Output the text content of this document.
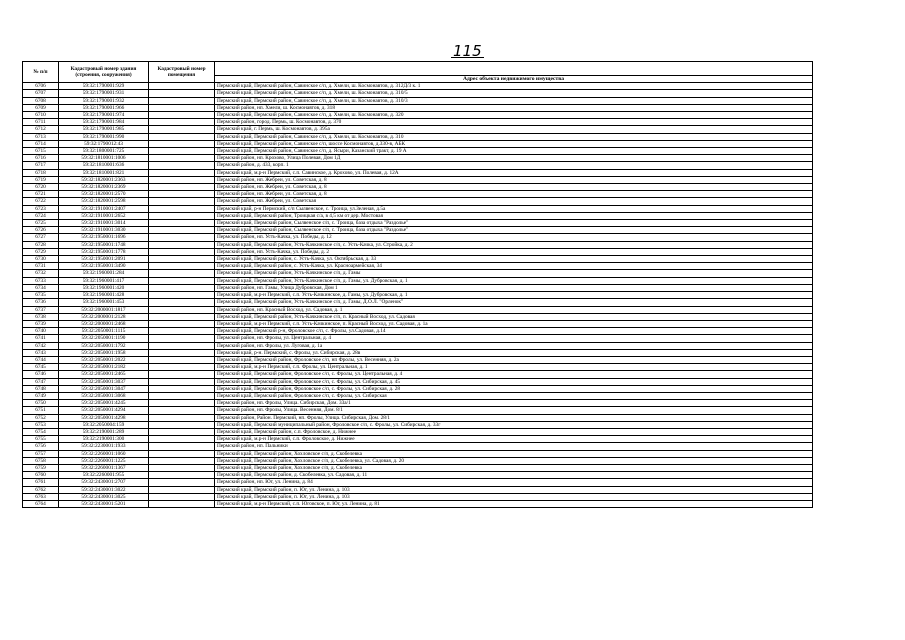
115
№ п/п	Кадастровый номер здания (строения, сооружения)	Кадастровый номер помещения	
			Адрес объекта недвижимого имущества
6706	59:32:1790001:929		Пермский край, Пермский район, Савинское с/п, д. Хмели, ш. Космонавтов, д. 312Д/3 к. 1
6707	59:32:1790001:931		Пермский край, Пермский район, Савинское с/п, д. Хмели, ш. Космонавтов, д. 310/5
6708	59:32:1790001:932		Пермский край, Пермский район, Савинское с/п, д. Хмели, ш. Космонавтов, д. 310/3
6709	59:32:1790001:966		Пермский район, нп. Хмели, ш. Космонавтов, д. 318
6710	59:32:1790001:974		Пермский край, Пермский район, Савинское с/п, д. Хмели, ш. Космонавтов, д. 320
6711	59:32:1790001:984		Пермский район, город. Пермь, ш. Космонавтов, д. 370
6712	59:32:1790001:985		Пермский край, г. Пермь, ш. Космонавтов, д. 395а
6713	59:32:1790001:990		Пермский край, Пермский район, Савинское с/п, д. Хмели, ш. Космонавтов, д. 310
6714	59:32:1790012:43		Пермский край, Пермский район, Савинское с/п, шоссе Космонавтов, д.330-в, АБК
6715	59:32:1800001:725		Пермский край, Пермский район, Савинское с/п, д. Ясыри, Казанский тракт, д. 19 А
6716	59:32:1810001:1006		Пермский район, нп. Крохово, Улица Полевая, Дом 1Д
6717	59:32:1810001:636		Пермский район, д. 433, корп. 1
6718	59:32:1810001:821		Пермский край, м.р-н Пермский, с.п. Савинское, д. Крохово, ул. Полевая, д. 12А
6719	59:32:1820001:2363		Пермский район, нп. Жебреи, ул. Советская, д. 8
6720	59:32:1820001:2369		Пермский район, нп. Жебреи, ул. Советская, д. 8
6721	59:32:1820001:2570		Пермский район, нп. Жебреи, ул. Советская, д. 8
6722	59:32:1820001:2598		Пермский район, нп. Жебреи, ул. Советская
6723	59:32:1910001:2407		Пермский край, р-н Пермский, с/п Сылвенское, с. Троица, ул.Зеленая, д.5а
6724	59:32:1910001:2652		Пермский край, Пермский район, Троицкая с/а, в 4,5 км от дер. Мостовая
6725	59:32:1910001:3014		Пермский край, Пермский район, Сылвенское с/п, с. Троица, база отдыха "Раздолье"
6726	59:32:1910001:3030		Пермский край, Пермский район, Сылвенское с/п, с. Троица, база отдыха "Раздолье"
6727	59:32:1950001:1696		Пермский район, нп. Усть-Качка, ул. Победы, д. 12
6728	59:32:1950001:1748		Пермский край, Пермский район, Усть-Качкинское с/п, с. Усть-Качка, ул. Стройка, д. 2
6729	59:32:1950001:1778		Пермский район, нп. Усть-Качка, ул. Победы, д. 2
6730	59:32:1950001:2091		Пермский край, Пермский район, с. Усть-Качка, ул. Октябрьская, д. 33
6731	59:32:1950001:3490		Пермский край, Пермский район, с. Усть-Качка, ул. Красноармейская, 34
6732	59:32:1960001:284		Пермский край, Пермский район, Усть-Качкинское с/п, д. Гамы
6733	59:32:1960001:417		Пермский край, Пермский район, Усть-Качкинское с/п, д. Гамы, ул. Дубровская, д. 1
6734	59:32:1960001:420		Пермский район, нп. Гамы, Улица Дубровская, Дом 1
6735	59:32:1960001:428		Пермский край, м.р-н Пермский, с.п. Усть-Качкинское, д. Гамы, ул. Дубровская, д. 1
6736	59:32:1960001:453		Пермский край, Пермский район, Усть-Качкинское с/п, д. Гамы, Д.О.Л. "Орленок"
6737	59:32:2000001:1817		Пермский район, нп. Красный Восход, ул. Садовая, д. 1
6738	59:32:2000001:2128		Пермский край, Пермский район, Усть-Качкинское с/п, п. Красный Восход, ул. Садовая
6739	59:32:2000001:2468		Пермский край, м.р-н Пермский, с.п. Усть-Качкинское, п. Красный Восход, ул. Садовая, д. 1а
6740	59:32:2050001:1115		Пермский край, Пермский р-н, Фроловское с/п, с. Фролы, ул.Садовая, д.14
6741	59:32:2050001:1190		Пермский район, нп. Фролы, ул. Центральная, д. 4
6742	59:32:2050001:1792		Пермский район, нп. Фролы, ул. Луговая, д. 1а
6743	59:32:2050001:1958		Пермский край, р-н. Пермский, с. Фролы, ул. Сибирская, д. 28в
6744	59:32:2050001:2022		Пермский край, Пермский район, Фроловское с/п, нп Фролы, ул. Весенняя, д. 2а
6745	59:32:2050001:2182		Пермский край, м.р-н Пермский, с.п. Фролы, ул. Центральная, д. 1
6746	59:32:2050001:2465		Пермский край, Пермский район, Фроловское с/п, с. Фролы, ул. Центральная, д. 4
6747	59:32:2050001:3037		Пермский край, Пермский район, Фроловское с/п, с. Фролы, ул. Сибирская, д. 45
6748	59:32:2050001:3047		Пермский край, Пермский район, Фроловское с/п, с. Фролы, ул. Сибирская, д. 28
6749	59:32:2050001:3068		Пермский край, Пермский район, Фроловское с/п, с. Фролы, ул. Сибирская
6750	59:32:2050001:4245		Пермский район, нп. Фролы, Улица. Сибирская, Дом. 33а/1
6751	59:32:2050001:4294		Пермский район, нп. Фролы, Улица. Весенняя, Дом. 8/1
6752	59:32:2050001:4298		Пермский район, Район. Пермский, нп. Фролы, Улица. Сибирская, Дом. 28/1
6753	59:32:2050004:159		Пермский край, Пермский муниципальный район, Фроловское с/п, с. Фролы, ул. Сибирская, д. 33г
6754	59:32:2190001:289		Пермский край, Пермский район, с.п. Фроловское, д. Нижнее
6755	59:32:2190001:300		Пермский край, м.р-н Пермский, с.п. Фроловское, д. Нижнее
6756	59:32:2230001:1933		Пермский район, нп. Пальники
6757	59:32:2260001:1060		Пермский край, Пермский район, Хохловское с/п, д. Скобелевка
6758	59:32:2260001:1225		Пермский край, Пермский район, Хохловское с/п, д. Скобелевка, ул. Садовая, д. 20
6759	59:32:2260001:1367		Пермский край, Пермский район, Хохловское с/п, д. Скобелевка
6760	59:32:2260001:955		Пермский край, Пермский район, д. Скобелевка, ул. Садовая, д. 11
6761	59:32:2430001:2707		Пермский район, нп. Юг, ул. Ленина, д. 84
6762	59:32:2430001:3022		Пермский край, Пермский район, п. Юг, ул. Ленина, д. 103
6763	59:32:2430001:3025		Пермский край, Пермский район, п. Юг, ул. Ленина, д. 103
6764	59:32:2430001:5201		Пермский край, м.р-н Пермский, с.п. Юговское, п. Юг, ул. Ленина, д. 81
